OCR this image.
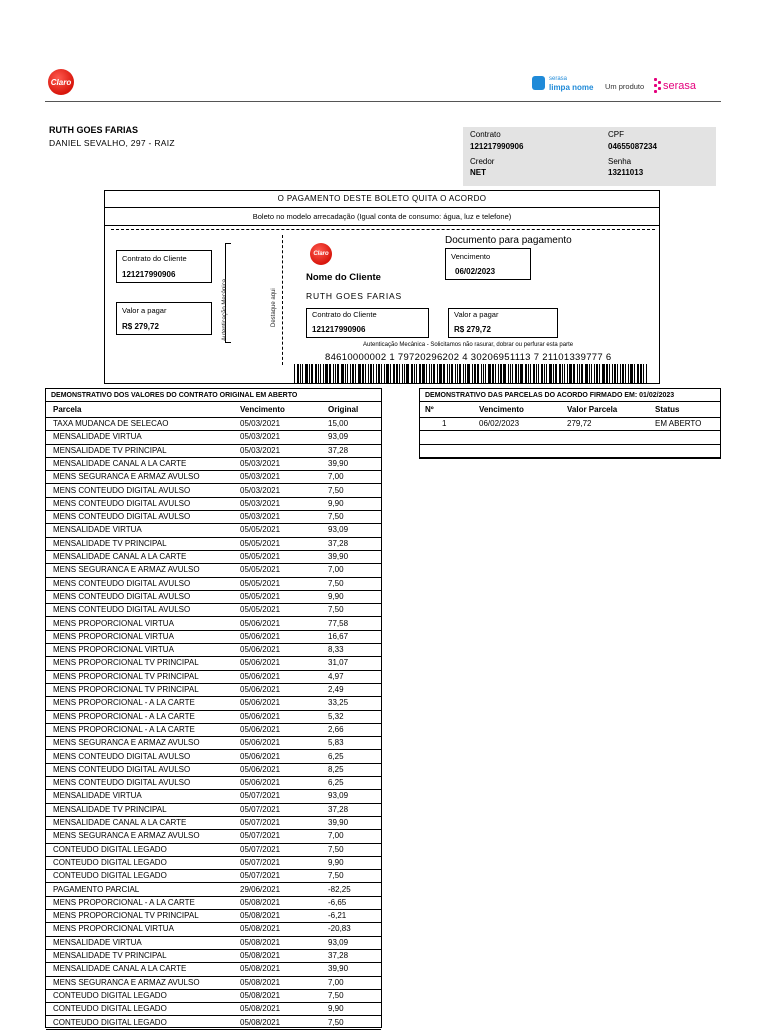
Claro	serasa
limpa nome Um produto serasa
RUTH GOES FARIAS
DANIEL SEVALHO, 297 - RAIZ
Contrato
121217990906
CPF
04655087234
Credor
NET
Senha
13211013
O PAGAMENTO DESTE BOLETO QUITA O ACORDO
Boleto no modelo arrecadação (Igual conta de consumo: água, luz e telefone)
Contrato do Cliente
121217990906
Valor a pagar
R$ 279,72	Autenticação Mecânica	Destaque aqui
Claro
Documento para pagamento
Nome do Cliente
RUTH GOES FARIAS
Vencimento
06/02/2023
Contrato do Cliente
121217990906
Valor a pagar
R$ 279,72
Autenticação Mecânica - Solicitamos não rasurar, dobrar ou perfurar esta parte
84610000002 1 79720296202 4 30206951113 7 21101339777 6
DEMONSTRATIVO DOS VALORES DO CONTRATO ORIGINAL EM ABERTO
Parcela	Vencimento	Original
TAXA MUDANCA DE SELECAO	05/03/2021	15,00
MENSALIDADE VIRTUA	05/03/2021	93,09
MENSALIDADE TV PRINCIPAL	05/03/2021	37,28
MENSALIDADE CANAL A LA CARTE	05/03/2021	39,90
MENS SEGURANCA E ARMAZ AVULSO	05/03/2021	7,00
MENS CONTEUDO DIGITAL AVULSO	05/03/2021	7,50
MENS CONTEUDO DIGITAL AVULSO	05/03/2021	9,90
MENS CONTEUDO DIGITAL AVULSO	05/03/2021	7,50
MENSALIDADE VIRTUA	05/05/2021	93,09
MENSALIDADE TV PRINCIPAL	05/05/2021	37,28
MENSALIDADE CANAL A LA CARTE	05/05/2021	39,90
MENS SEGURANCA E ARMAZ AVULSO	05/05/2021	7,00
MENS CONTEUDO DIGITAL AVULSO	05/05/2021	7,50
MENS CONTEUDO DIGITAL AVULSO	05/05/2021	9,90
MENS CONTEUDO DIGITAL AVULSO	05/05/2021	7,50
MENS PROPORCIONAL VIRTUA	05/06/2021	77,58
MENS PROPORCIONAL VIRTUA	05/06/2021	16,67
MENS PROPORCIONAL VIRTUA	05/06/2021	8,33
MENS PROPORCIONAL TV PRINCIPAL	05/06/2021	31,07
MENS PROPORCIONAL TV PRINCIPAL	05/06/2021	4,97
MENS PROPORCIONAL TV PRINCIPAL	05/06/2021	2,49
MENS PROPORCIONAL - A LA CARTE	05/06/2021	33,25
MENS PROPORCIONAL - A LA CARTE	05/06/2021	5,32
MENS PROPORCIONAL - A LA CARTE	05/06/2021	2,66
MENS SEGURANCA E ARMAZ AVULSO	05/06/2021	5,83
MENS CONTEUDO DIGITAL AVULSO	05/06/2021	6,25
MENS CONTEUDO DIGITAL AVULSO	05/06/2021	8,25
MENS CONTEUDO DIGITAL AVULSO	05/06/2021	6,25
MENSALIDADE VIRTUA	05/07/2021	93,09
MENSALIDADE TV PRINCIPAL	05/07/2021	37,28
MENSALIDADE CANAL A LA CARTE	05/07/2021	39,90
MENS SEGURANCA E ARMAZ AVULSO	05/07/2021	7,00
CONTEUDO DIGITAL LEGADO	05/07/2021	7,50
CONTEUDO DIGITAL LEGADO	05/07/2021	9,90
CONTEUDO DIGITAL LEGADO	05/07/2021	7,50
PAGAMENTO PARCIAL	29/06/2021	-82,25
MENS PROPORCIONAL - A LA CARTE	05/08/2021	-6,65
MENS PROPORCIONAL TV PRINCIPAL	05/08/2021	-6,21
MENS PROPORCIONAL VIRTUA	05/08/2021	-20,83
MENSALIDADE VIRTUA	05/08/2021	93,09
MENSALIDADE TV PRINCIPAL	05/08/2021	37,28
MENSALIDADE CANAL A LA CARTE	05/08/2021	39,90
MENS SEGURANCA E ARMAZ AVULSO	05/08/2021	7,00
CONTEUDO DIGITAL LEGADO	05/08/2021	7,50
CONTEUDO DIGITAL LEGADO	05/08/2021	9,90
CONTEUDO DIGITAL LEGADO	05/08/2021	7,50
DEMONSTRATIVO DAS PARCELAS DO ACORDO FIRMADO EM: 01/02/2023
Nº	Vencimento	Valor Parcela	Status
1	06/02/2023	279,72	EM ABERTO
